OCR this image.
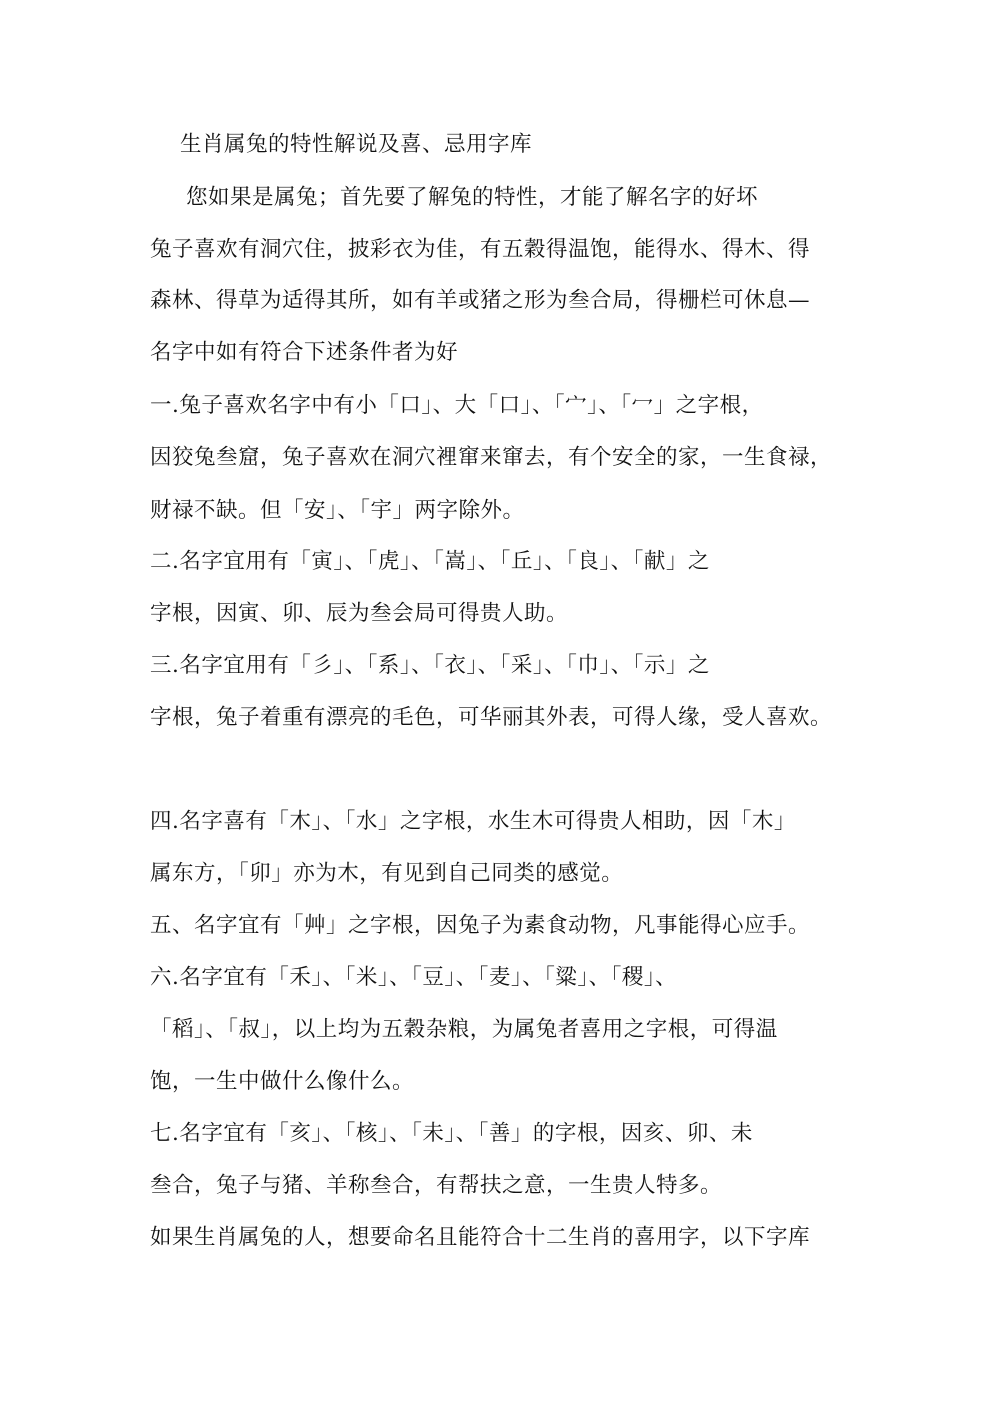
生肖属兔的特性解说及喜、忌用字库
您如果是属兔；首先要了解兔的特性，才能了解名字的好坏
兔子喜欢有洞穴住，披彩衣为佳，有五穀得温饱，能得水、得木、得
森林、得草为适得其所，如有羊或猪之形为叁合局，得栅栏可休息—
名字中如有符合下述条件者为好
一.兔子喜欢名字中有小「口」、大「口」、「宀」、「冖」之字根，
因狡兔叁窟，兔子喜欢在洞穴裡窜来窜去，有个安全的家，一生食禄，
财禄不缺。但「安」、「宇」两字除外。
二.名字宜用有「寅」、「虎」、「嵩」、「丘」、「良」、「献」之
字根，因寅、卯、辰为叁会局可得贵人助。
三.名字宜用有「彡」、「系」、「衣」、「采」、「巾」、「示」之
字根，兔子着重有漂亮的毛色，可华丽其外表，可得人缘，受人喜欢。
四.名字喜有「木」、「水」之字根，水生木可得贵人相助，因「木」
属东方，「卯」亦为木，有见到自己同类的感觉。
五、名字宜有「艸」之字根，因兔子为素食动物，凡事能得心应手。
六.名字宜有「禾」、「米」、「豆」、「麦」、「粱」、「稷」、
「稻」、「叔」，以上均为五穀杂粮，为属兔者喜用之字根，可得温
饱，一生中做什么像什么。
七.名字宜有「亥」、「核」、「未」、「善」的字根，因亥、卯、未
叁合，兔子与猪、羊称叁合，有帮扶之意，一生贵人特多。
如果生肖属兔的人，想要命名且能符合十二生肖的喜用字，以下字库
